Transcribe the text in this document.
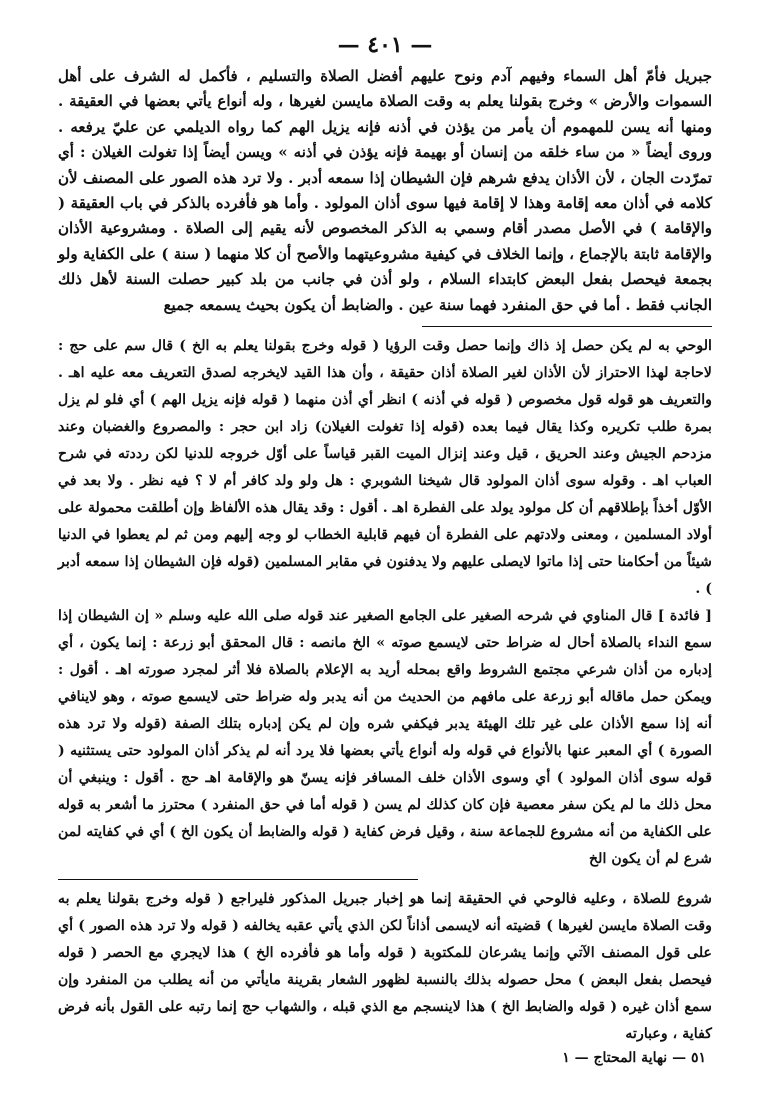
— ٤٠١ —

جبريل فأمّ أهل السماء وفيهم آدم ونوح عليهم أفضل الصلاة والتسليم ، فأكمل له الشرف على أهل السموات والأرض » وخرج بقولنا يعلم به وقت الصلاة مايسن لغيرها ، وله أنواع يأتي بعضها في العقيقة . ومنها أنه يسن للمهموم أن يأمر من يؤذن في أذنه فإنه يزيل الهم كما رواه الديلمي عن عليّ يرفعه . وروى أيضاً « من ساء خلقه من إنسان أو بهيمة فإنه يؤذن في أذنه » ويسن أيضاً إذا تغولت الغيلان : أي تمرّدت الجان ، لأن الأذان يدفع شرهم فإن الشيطان إذا سمعه أدبر . ولا ترد هذه الصور على المصنف لأن كلامه في أذان معه إقامة وهذا لا إقامة فيها سوى أذان المولود . وأما هو فأفرده بالذكر في باب العقيقة ( والإقامة ) في الأصل مصدر أقام وسمي به الذكر المخصوص لأنه يقيم إلى الصلاة . ومشروعية الأذان والإقامة ثابتة بالإجماع ، وإنما الخلاف في كيفية مشروعيتهما والأصح أن كلا منهما ( سنة ) على الكفاية ولو بجمعة فيحصل بفعل البعض كابتداء السلام ، ولو أذن في جانب من بلد كبير حصلت السنة لأهل ذلك الجانب فقط . أما في حق المنفرد فهما سنة عين . والضابط أن يكون بحيث يسمعه جميع

الوحي به لم يكن حصل إذ ذاك وإنما حصل وقت الرؤيا ( قوله وخرج بقولنا يعلم به الخ ) قال سم على حج : لاحاجة لهذا الاحتراز لأن الأذان لغير الصلاة أذان حقيقة ، وأن هذا القيد لايخرجه لصدق التعريف معه عليه اهـ . والتعريف هو قوله قول مخصوص ( قوله في أذنه ) انظر أي أذن منهما ( قوله فإنه يزيل الهم ) أي فلو لم يزل بمرة طلب تكريره وكذا يقال فيما بعده (قوله إذا تغولت الغيلان) زاد ابن حجر : والمصروع والغضبان وعند مزدحم الجيش وعند الحريق ، قيل وعند إنزال الميت القبر قياساً على أوّل خروجه للدنيا لكن رددته في شرح العباب اهـ . وقوله سوى أذان المولود قال شيخنا الشوبري : هل ولو ولد كافر أم لا ؟ فيه نظر . ولا بعد في الأوّل أخذاً بإطلاقهم أن كل مولود يولد على الفطرة اهـ . أقول : وقد يقال هذه الألفاظ وإن أطلقت محمولة على أولاد المسلمين ، ومعنى ولادتهم على الفطرة أن فيهم قابلية الخطاب لو وجه إليهم ومن ثم لم يعطوا في الدنيا شيئاً من أحكامنا حتى إذا ماتوا لايصلى عليهم ولا يدفنون في مقابر المسلمين (قوله فإن الشيطان إذا سمعه أدبر ) .

[ فائدة ] قال المناوي في شرحه الصغير على الجامع الصغير عند قوله صلى الله عليه وسلم « إن الشيطان إذا سمع النداء بالصلاة أحال له ضراط حتى لايسمع صوته » الخ مانصه : قال المحقق أبو زرعة : إنما يكون ، أي إدباره من أذان شرعي مجتمع الشروط واقع بمحله أريد به الإعلام بالصلاة فلا أثر لمجرد صورته اهـ . أقول : ويمكن حمل ماقاله أبو زرعة على مافهم من الحديث من أنه يدبر وله ضراط حتى لايسمع صوته ، وهو لاينافي أنه إذا سمع الأذان على غير تلك الهيئة يدبر فيكفي شره وإن لم يكن إدباره بتلك الصفة (قوله ولا ترد هذه الصورة ) أي المعبر عنها بالأنواع في قوله وله أنواع يأتي بعضها فلا يرد أنه لم يذكر أذان المولود حتى يستثنيه ( قوله سوى أذان المولود ) أي وسوى الأذان خلف المسافر فإنه يسنّ هو والإقامة اهـ حج . أقول : وينبغي أن محل ذلك ما لم يكن سفر معصية فإن كان كذلك لم يسن ( قوله أما في حق المنفرد ) محترز ما أشعر به قوله على الكفاية من أنه مشروع للجماعة سنة ، وقيل فرض كفاية ( قوله والضابط أن يكون الخ ) أي في كفايته لمن شرع لم أن يكون الخ

شروع للصلاة ، وعليه فالوحي في الحقيقة إنما هو إخبار جبريل المذكور فليراجع ( قوله وخرج بقولنا يعلم به وقت الصلاة مايسن لغيرها ) قضيته أنه لايسمى أذاناً لكن الذي يأتي عقبه يخالفه ( قوله ولا ترد هذه الصور ) أي على قول المصنف الآتي وإنما يشرعان للمكتوبة ( قوله وأما هو فأفرده الخ ) هذا لايجري مع الحصر ( قوله فيحصل بفعل البعض ) محل حصوله بذلك بالنسبة لظهور الشعار بقرينة مايأتي من أنه يطلب من المنفرد وإن سمع أذان غيره ( قوله والضابط الخ ) هذا لاينسجم مع الذي قبله ، والشهاب حج إنما رتبه على القول بأنه فرض كفاية ، وعبارته

٥١ — نهاية المحتاج — ١
